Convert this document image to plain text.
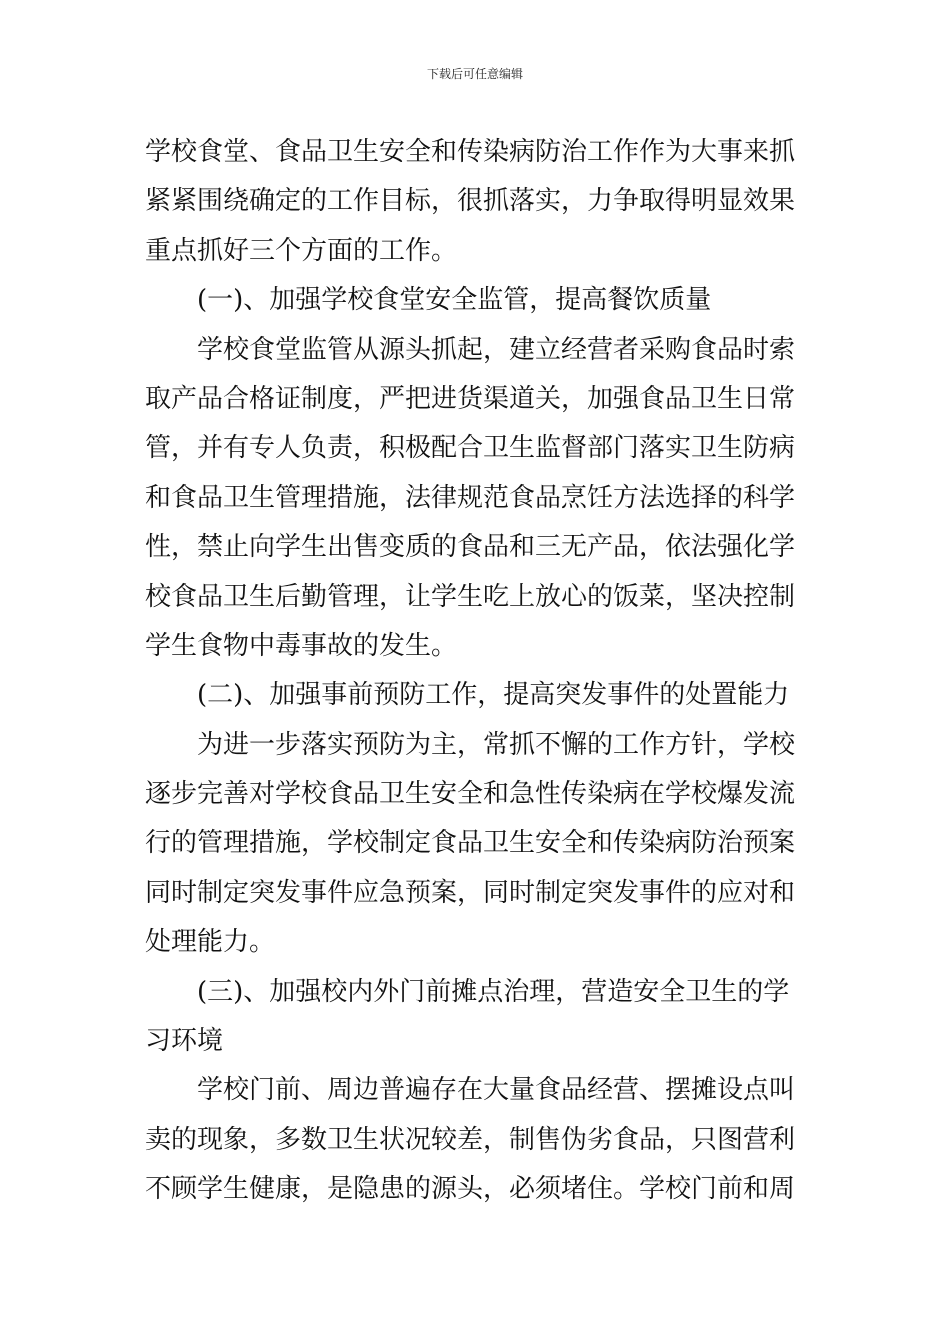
下载后可任意编辑
学校食堂、食品卫生安全和传染病防治工作作为大事来抓
紧紧围绕确定的工作目标，很抓落实，力争取得明显效果
重点抓好三个方面的工作。
(一)、加强学校食堂安全监管，提高餐饮质量
学校食堂监管从源头抓起，建立经营者采购食品时索
取产品合格证制度，严把进货渠道关，加强食品卫生日常
管，并有专人负责，积极配合卫生监督部门落实卫生防病
和食品卫生管理措施，法律规范食品烹饪方法选择的科学
性，禁止向学生出售变质的食品和三无产品，依法强化学
校食品卫生后勤管理，让学生吃上放心的饭菜，坚决控制
学生食物中毒事故的发生。
(二)、加强事前预防工作，提高突发事件的处置能力
为进一步落实预防为主，常抓不懈的工作方针，学校
逐步完善对学校食品卫生安全和急性传染病在学校爆发流
行的管理措施，学校制定食品卫生安全和传染病防治预案
同时制定突发事件应急预案，同时制定突发事件的应对和
处理能力。
(三)、加强校内外门前摊点治理，营造安全卫生的学
习环境
学校门前、周边普遍存在大量食品经营、摆摊设点叫
卖的现象，多数卫生状况较差，制售伪劣食品，只图营利
不顾学生健康，是隐患的源头，必须堵住。学校门前和周
